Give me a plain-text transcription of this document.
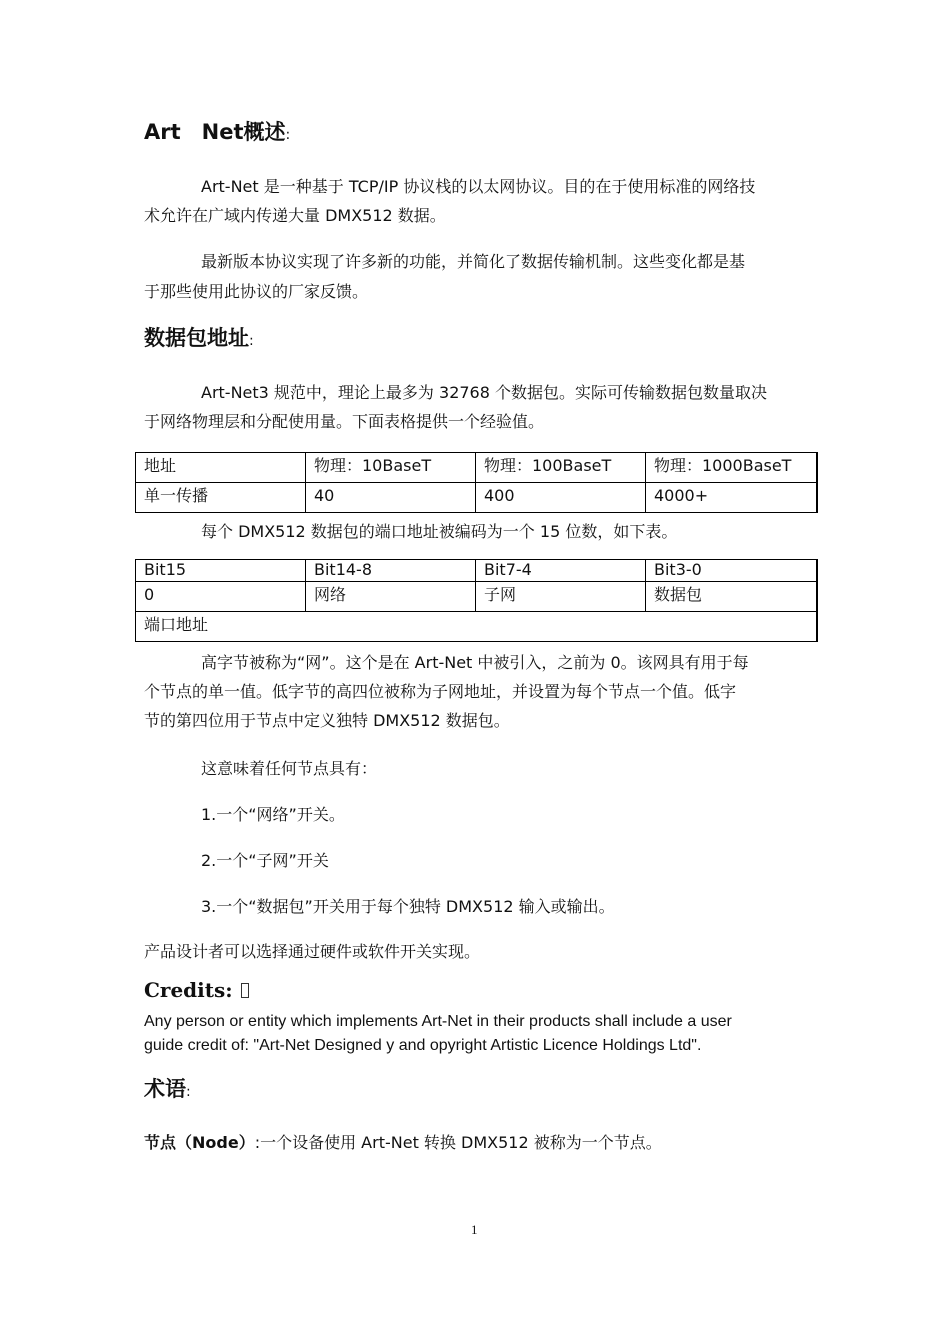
Art Net概述:
Art-Net 是一种基于 TCP/IP 协议栈的以太网协议。目的在于使用标准的网络技
术允许在广域内传递大量 DMX512 数据。
最新版本协议实现了许多新的功能，并简化了数据传输机制。这些变化都是基
于那些使用此协议的厂家反馈。
数据包地址:
Art-Net3 规范中，理论上最多为 32768 个数据包。实际可传输数据包数量取决
于网络物理层和分配使用量。下面表格提供一个经验值。
地址	物理：10BaseT	物理：100BaseT	物理：1000BaseT
单一传播	40	400	4000+
每个 DMX512 数据包的端口地址被编码为一个 15 位数，如下表。
Bit15	Bit14-8	Bit7-4	Bit3-0
0	网络	子网	数据包
端口地址			
高字节被称为“网”。这个是在 Art-Net 中被引入，之前为 0。该网具有用于每
个节点的单一值。低字节的高四位被称为子网地址，并设置为每个节点一个值。低字
节的第四位用于节点中定义独特 DMX512 数据包。
这意味着任何节点具有：
1.一个“网络”开关。
2.一个“子网”开关
3.一个“数据包”开关用于每个独特 DMX512 输入或输出。
产品设计者可以选择通过硬件或软件开关实现。
Credits:
Any person or entity which implements Art-Net in their products shall include a user
guide credit of: "Art-Net Designed y and opyright Artistic Licence Holdings Ltd".
术语:
节点（Node）:一个设备使用 Art-Net 转换 DMX512 被称为一个节点。
1
